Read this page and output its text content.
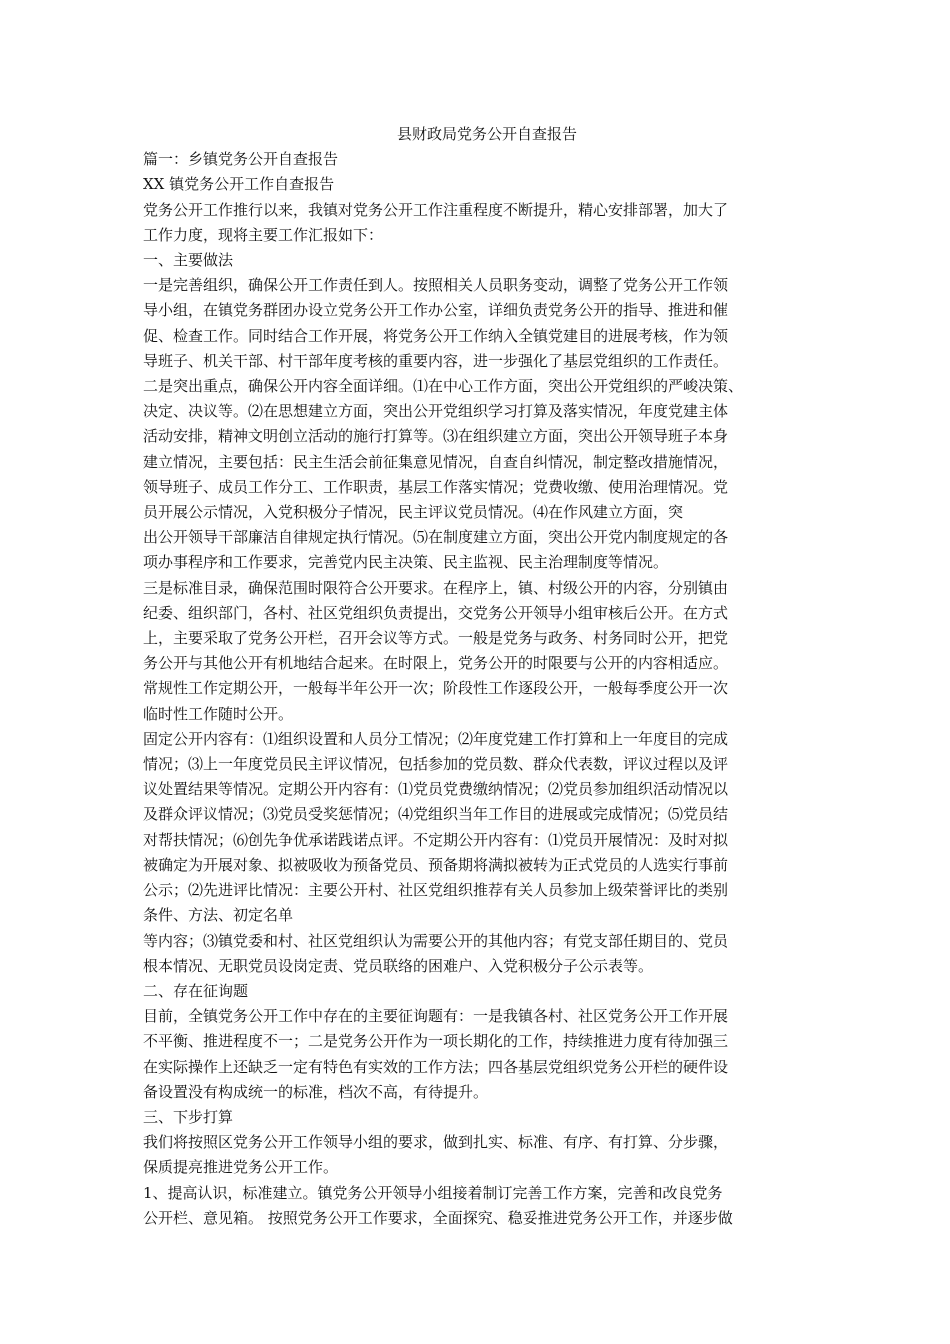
县财政局党务公开自查报告
篇一：乡镇党务公开自查报告
XX 镇党务公开工作自查报告
党务公开工作推行以来，我镇对党务公开工作注重程度不断提升，精心安排部署，加大了
工作力度，现将主要工作汇报如下：
一、主要做法
一是完善组织，确保公开工作责任到人。按照相关人员职务变动，调整了党务公开工作领
导小组，在镇党务群团办设立党务公开工作办公室，详细负责党务公开的指导、推进和催
促、检查工作。同时结合工作开展，将党务公开工作纳入全镇党建目的进展考核，作为领
导班子、机关干部、村干部年度考核的重要内容，进一步强化了基层党组织的工作责任。
二是突出重点，确保公开内容全面详细。⑴在中心工作方面，突出公开党组织的严峻决策、
决定、决议等。⑵在思想建立方面，突出公开党组织学习打算及落实情况，年度党建主体
活动安排，精神文明创立活动的施行打算等。⑶在组织建立方面，突出公开领导班子本身
建立情况，主要包括：民主生活会前征集意见情况，自查自纠情况，制定整改措施情况，
领导班子、成员工作分工、工作职责，基层工作落实情况；党费收缴、使用治理情况。党
员开展公示情况，入党积极分子情况，民主评议党员情况。⑷在作风建立方面，突
出公开领导干部廉洁自律规定执行情况。⑸在制度建立方面，突出公开党内制度规定的各
项办事程序和工作要求，完善党内民主决策、民主监视、民主治理制度等情况。
三是标准目录，确保范围时限符合公开要求。在程序上，镇、村级公开的内容，分别镇由
纪委、组织部门，各村、社区党组织负责提出，交党务公开领导小组审核后公开。在方式
上，主要采取了党务公开栏，召开会议等方式。一般是党务与政务、村务同时公开，把党
务公开与其他公开有机地结合起来。在时限上，党务公开的时限要与公开的内容相适应。
常规性工作定期公开，一般每半年公开一次；阶段性工作逐段公开，一般每季度公开一次
临时性工作随时公开。
固定公开内容有：⑴组织设置和人员分工情况；⑵年度党建工作打算和上一年度目的完成
情况；⑶上一年度党员民主评议情况，包括参加的党员数、群众代表数，评议过程以及评
议处置结果等情况。定期公开内容有：⑴党员党费缴纳情况；⑵党员参加组织活动情况以
及群众评议情况；⑶党员受奖惩情况；⑷党组织当年工作目的进展或完成情况；⑸党员结
对帮扶情况；⑹创先争优承诺践诺点评。不定期公开内容有：⑴党员开展情况：及时对拟
被确定为开展对象、拟被吸收为预备党员、预备期将满拟被转为正式党员的人选实行事前
公示；⑵先进评比情况：主要公开村、社区党组织推荐有关人员参加上级荣誉评比的类别
条件、方法、初定名单
等内容；⑶镇党委和村、社区党组织认为需要公开的其他内容；有党支部任期目的、党员
根本情况、无职党员设岗定责、党员联络的困难户、入党积极分子公示表等。
二、存在征询题
目前，全镇党务公开工作中存在的主要征询题有：一是我镇各村、社区党务公开工作开展
不平衡、推进程度不一；二是党务公开作为一项长期化的工作，持续推进力度有待加强三
在实际操作上还缺乏一定有特色有实效的工作方法；四各基层党组织党务公开栏的硬件设
备设置没有构成统一的标准，档次不高，有待提升。
三、下步打算
我们将按照区党务公开工作领导小组的要求，做到扎实、标准、有序、有打算、分步骤，
保质提亮推进党务公开工作。
1、提高认识，标准建立。镇党务公开领导小组接着制订完善工作方案，完善和改良党务
公开栏、意见箱。 按照党务公开工作要求，全面探究、稳妥推进党务公开工作，并逐步做
